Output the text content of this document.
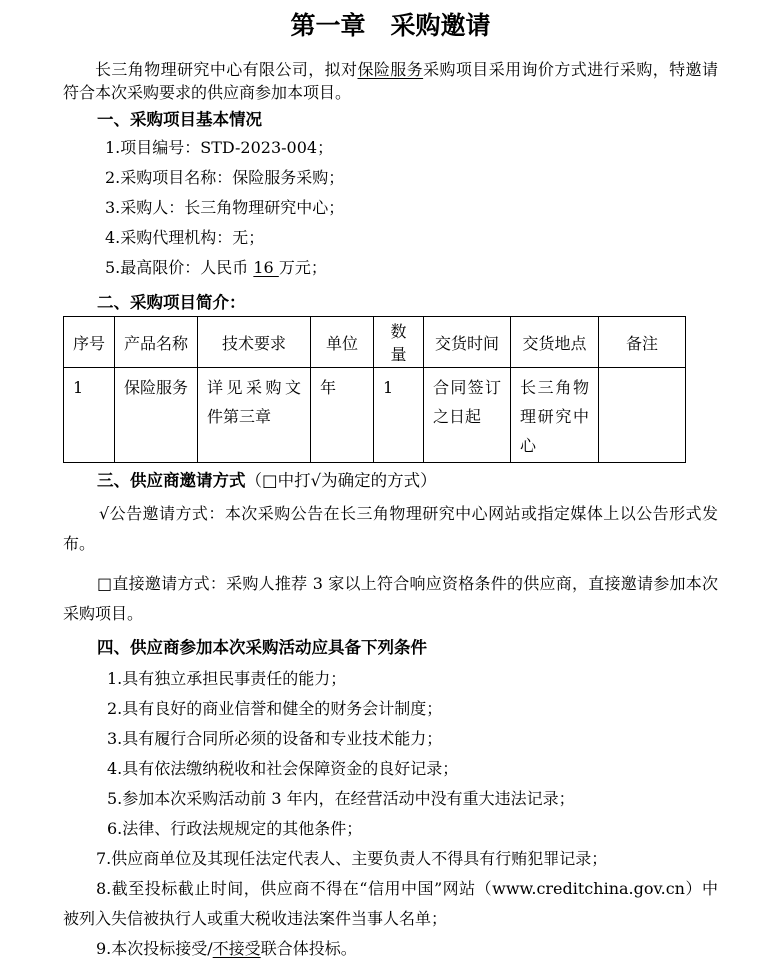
第一章　采购邀请

长三角物理研究中心有限公司，拟对保险服务采购项目采用询价方式进行采购，特邀请符合本次采购要求的供应商参加本项目。

一、采购项目基本情况

1.项目编号：STD-2023-004；

2.采购项目名称：保险服务采购；

3.采购人：长三角物理研究中心；

4.采购代理机构：无；

5.最高限价：人民币 16 万元；

二、采购项目简介：
序号	产品名称	技术要求	单位	数量	交货时间	交货地点	备注
1	保险服务	详见采购文件第三章	年	1	合同签订之日起	长三角物理研究中心	
三、供应商邀请方式（□中打√为确定的方式）

√公告邀请方式：本次采购公告在长三角物理研究中心网站或指定媒体上以公告形式发布。

□直接邀请方式：采购人推荐 3 家以上符合响应资格条件的供应商，直接邀请参加本次采购项目。

四、供应商参加本次采购活动应具备下列条件

1.具有独立承担民事责任的能力；

2.具有良好的商业信誉和健全的财务会计制度；

3.具有履行合同所必须的设备和专业技术能力；

4.具有依法缴纳税收和社会保障资金的良好记录；

5.参加本次采购活动前 3 年内，在经营活动中没有重大违法记录；

6.法律、行政法规规定的其他条件；

7.供应商单位及其现任法定代表人、主要负责人不得具有行贿犯罪记录；

8.截至投标截止时间，供应商不得在“信用中国”网站（www.creditchina.gov.cn）中被列入失信被执行人或重大税收违法案件当事人名单；

9.本次投标接受/不接受联合体投标。
